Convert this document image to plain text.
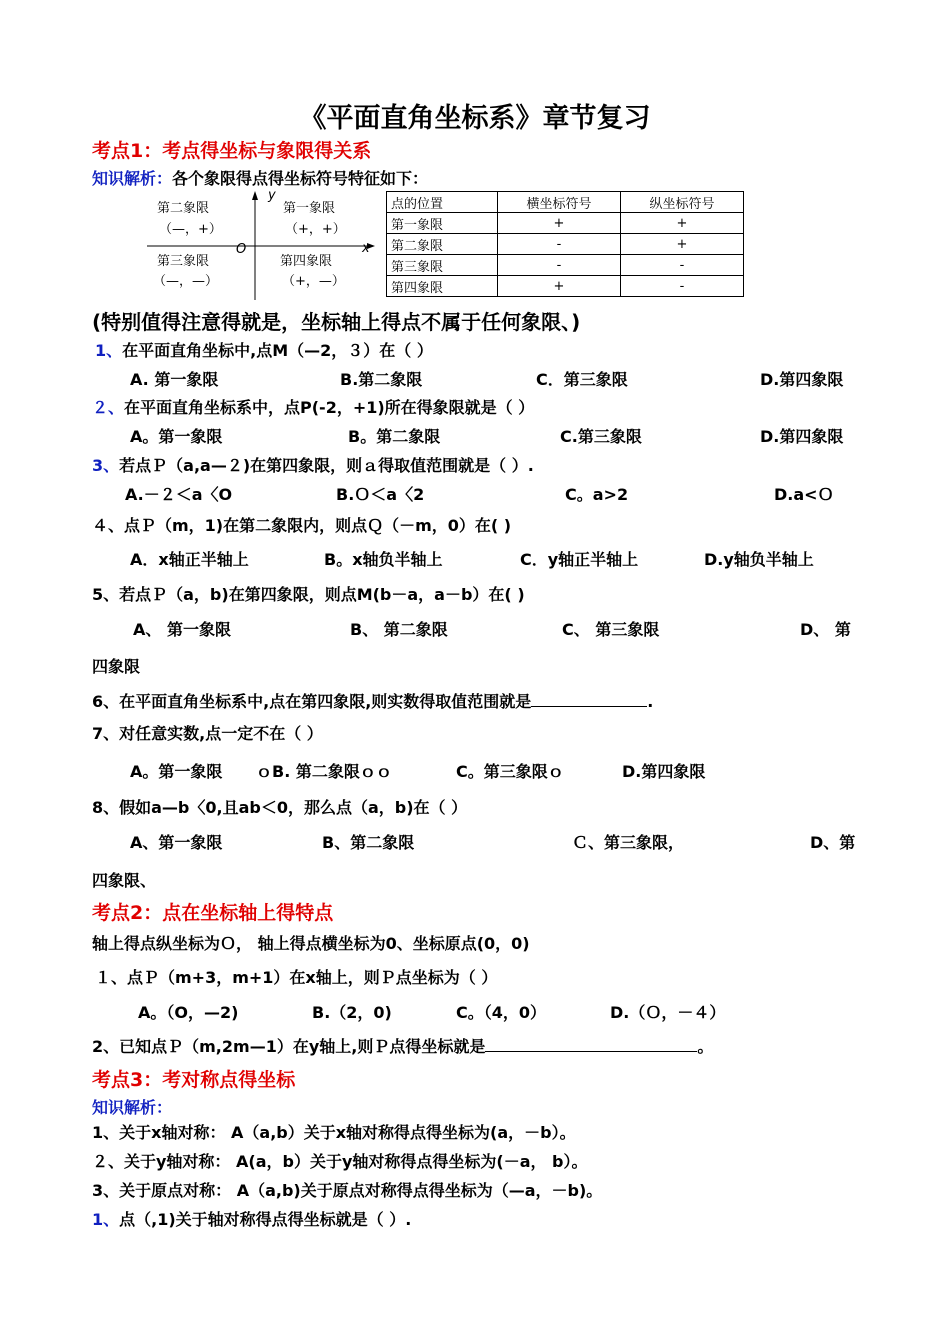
《平面直角坐标系》章节复习
考点1：考点得坐标与象限得关系
知识解析：各个象限得点得坐标符号特征如下：
y
x
O
第二象限
（—，+）
第一象限
（+，+）
第三象限
（—，—）
第四象限
（+，—）
点的位置	横坐标符号	纵坐标符号
第一象限	+	+
第二象限	-	+
第三象限	-	-
第四象限	+	-
(特别值得注意得就是，坐标轴上得点不属于任何象限、)
1、在平面直角坐标中,点M（—2，３）在（ ）
A. 第一象限	B.第二象限	C．第三象限	D.第四象限
２、在平面直角坐标系中，点P(-2，+1)所在得象限就是（ ）
A。第一象限	B。第二象限	C.第三象限	D.第四象限
3、若点Ｐ（a,a—２)在第四象限，则ａ得取值范围就是（ ）.
A.－２＜a〈O	B.Ｏ＜a〈2	C。a>2	D.a<Ｏ
４、点Ｐ（m，1)在第二象限内，则点Ｑ（－m，0）在( )
A．x轴正半轴上	B。x轴负半轴上	C．y轴正半轴上	D.y轴负半轴上
5、若点Ｐ（a，b)在第四象限，则点M(b－a，a－b）在( )
A、 第一象限	B、 第二象限	C、 第三象限	D、 第
四象限
6、在平面直角坐标系中,点在第四象限,则实数得取值范围就是	.
7、对任意实数,点一定不在（ ）
A。第一象限 ｏB. 第二象限ｏｏ	C。第三象限ｏ	D.第四象限
8、假如a—b〈0,且ab＜0，那么点（a，b)在（ ）
A、第一象限	B、第二象限	Ｃ、第三象限，	D、第
四象限、
考点2：点在坐标轴上得特点
轴上得点纵坐标为Ｏ， 轴上得点横坐标为0、坐标原点(0，0)
１、点Ｐ（m+3，m+1）在x轴上，则Ｐ点坐标为（ ）
A。（O，—2)	B.（2，0)	C。（4，0）	D.（Ｏ，－４）
2、已知点Ｐ（m,2m—1）在y轴上,则Ｐ点得坐标就是	。
考点3：考对称点得坐标
知识解析：
1、关于x轴对称： A（a,b）关于x轴对称得点得坐标为(a，－b）。
２、关于y轴对称： A(a，b）关于y轴对称得点得坐标为(－a， b）。
3、关于原点对称： A（a,b)关于原点对称得点得坐标为（—a，－b)。
1、点（,1)关于轴对称得点得坐标就是（ ）.
